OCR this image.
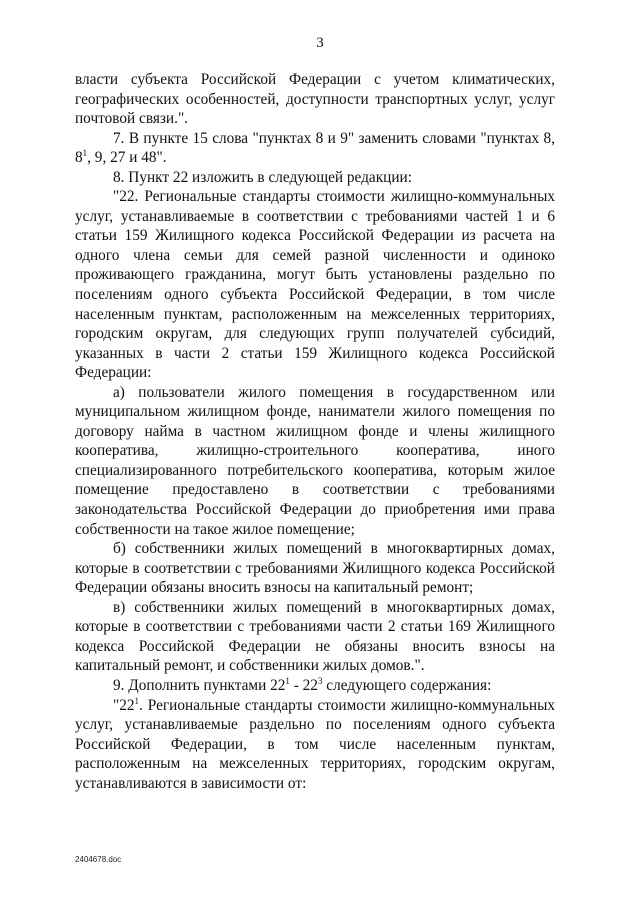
3

власти субъекта Российской Федерации с учетом климатических, географических особенностей, доступности транспортных услуг, услуг почтовой связи.".

7. В пункте 15 слова "пунктах 8 и 9" заменить словами "пунктах 8, $8^1$, 9, 27 и 48".

8. Пункт 22 изложить в следующей редакции:

"22. Региональные стандарты стоимости жилищно-коммунальных услуг, устанавливаемые в соответствии с требованиями частей 1 и 6 статьи 159 Жилищного кодекса Российской Федерации из расчета на одного члена семьи для семей разной численности и одиноко проживающего гражданина, могут быть установлены раздельно по поселениям одного субъекта Российской Федерации, в том числе населенным пунктам, расположенным на межселенных территориях, городским округам, для следующих групп получателей субсидий, указанных в части 2 статьи 159 Жилищного кодекса Российской Федерации:

а) пользователи жилого помещения в государственном или муниципальном жилищном фонде, наниматели жилого помещения по договору найма в частном жилищном фонде и члены жилищного кооператива, жилищно-строительного кооператива, иного специализированного потребительского кооператива, которым жилое помещение предоставлено в соответствии с требованиями законодательства Российской Федерации до приобретения ими права собственности на такое жилое помещение;

б) собственники жилых помещений в многоквартирных домах, которые в соответствии с требованиями Жилищного кодекса Российской Федерации обязаны вносить взносы на капитальный ремонт;

в) собственники жилых помещений в многоквартирных домах, которые в соответствии с требованиями части 2 статьи 169 Жилищного кодекса Российской Федерации не обязаны вносить взносы на капитальный ремонт, и собственники жилых домов.".

9. Дополнить пунктами $22^1 - 22^3$ следующего содержания:

"$22^1$. Региональные стандарты стоимости жилищно-коммунальных услуг, устанавливаемые раздельно по поселениям одного субъекта Российской Федерации, в том числе населенным пунктам, расположенным на межселенных территориях, городским округам, устанавливаются в зависимости от:

2404678.doc
